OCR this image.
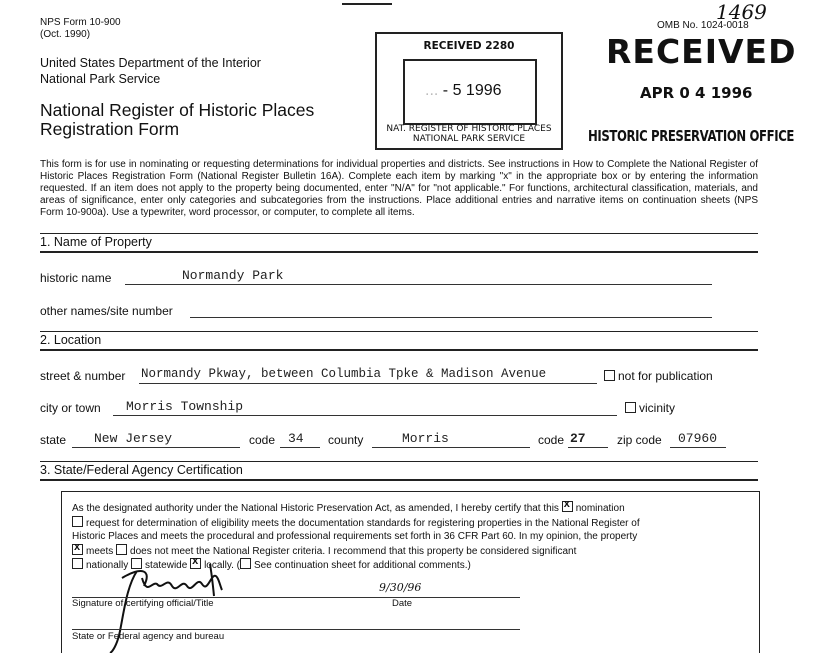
NPS Form 10-900
(Oct. 1990)
United States Department of the Interior
National Park Service
National Register of Historic Places
Registration Form
RECEIVED 2280
... - 5 1996
NAT. REGISTER OF HISTORIC PLACES
NATIONAL PARK SERVICE
OMB No. 1024-0018
1469
RECEIVED
APR 0 4 1996
HISTORIC PRESERVATION OFFICE
This form is for use in nominating or requesting determinations for individual properties and districts. See instructions in How to Complete the National Register of Historic Places Registration Form (National Register Bulletin 16A). Complete each item by marking "x" in the appropriate box or by entering the information requested. If an item does not apply to the property being documented, enter "N/A" for "not applicable." For functions, architectural classification, materials, and areas of significance, enter only categories and subcategories from the instructions. Place additional entries and narrative items on continuation sheets (NPS Form 10-900a). Use a typewriter, word processor, or computer, to complete all items.
1. Name of Property
historic name	Normandy Park
other names/site number
2. Location
street & number Normandy Pkway, between Columbia Tpke & Madison Avenue	not for publication
city or town Morris Township	vicinity
state New Jersey	code 34 county	Morris	code 27	zip code 07960
3. State/Federal Agency Certification
As the designated authority under the National Historic Preservation Act, as amended, I hereby certify that this x nomination
request for determination of eligibility meets the documentation standards for registering properties in the National Register of
Historic Places and meets the procedural and professional requirements set forth in 36 CFR Part 60. In my opinion, the property
xmeets does not meet the National Register criteria. I recommend that this property be considered significant
nationally statewide x locally. ( See continuation sheet for additional comments.)
Signature of certifying official/Title
9/30/96
Date
State or Federal agency and bureau
